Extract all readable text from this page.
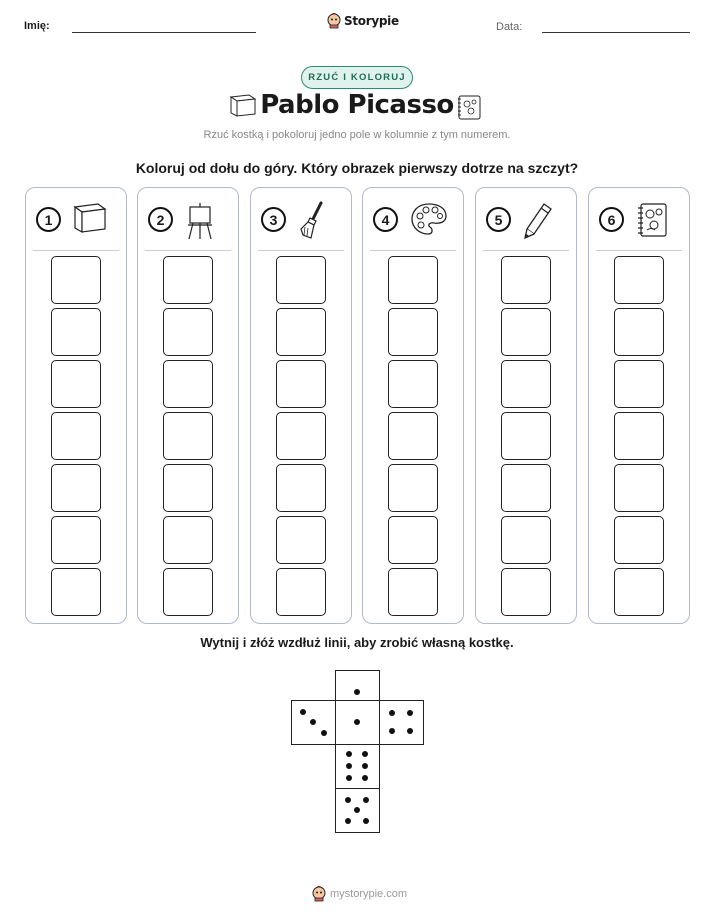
Imię:	Data:
Storypie
RZUĆ I KOLORUJ
Pablo Picasso
Rzuć kostką i pokoloruj jedno pole w kolumnie z tym numerem.
Koloruj od dołu do góry. Który obrazek pierwszy dotrze na szczyt?
1	2	3	4	5	6
Wytnij i złóż wzdłuż linii, aby zrobić własną kostkę.
mystorypie.com
